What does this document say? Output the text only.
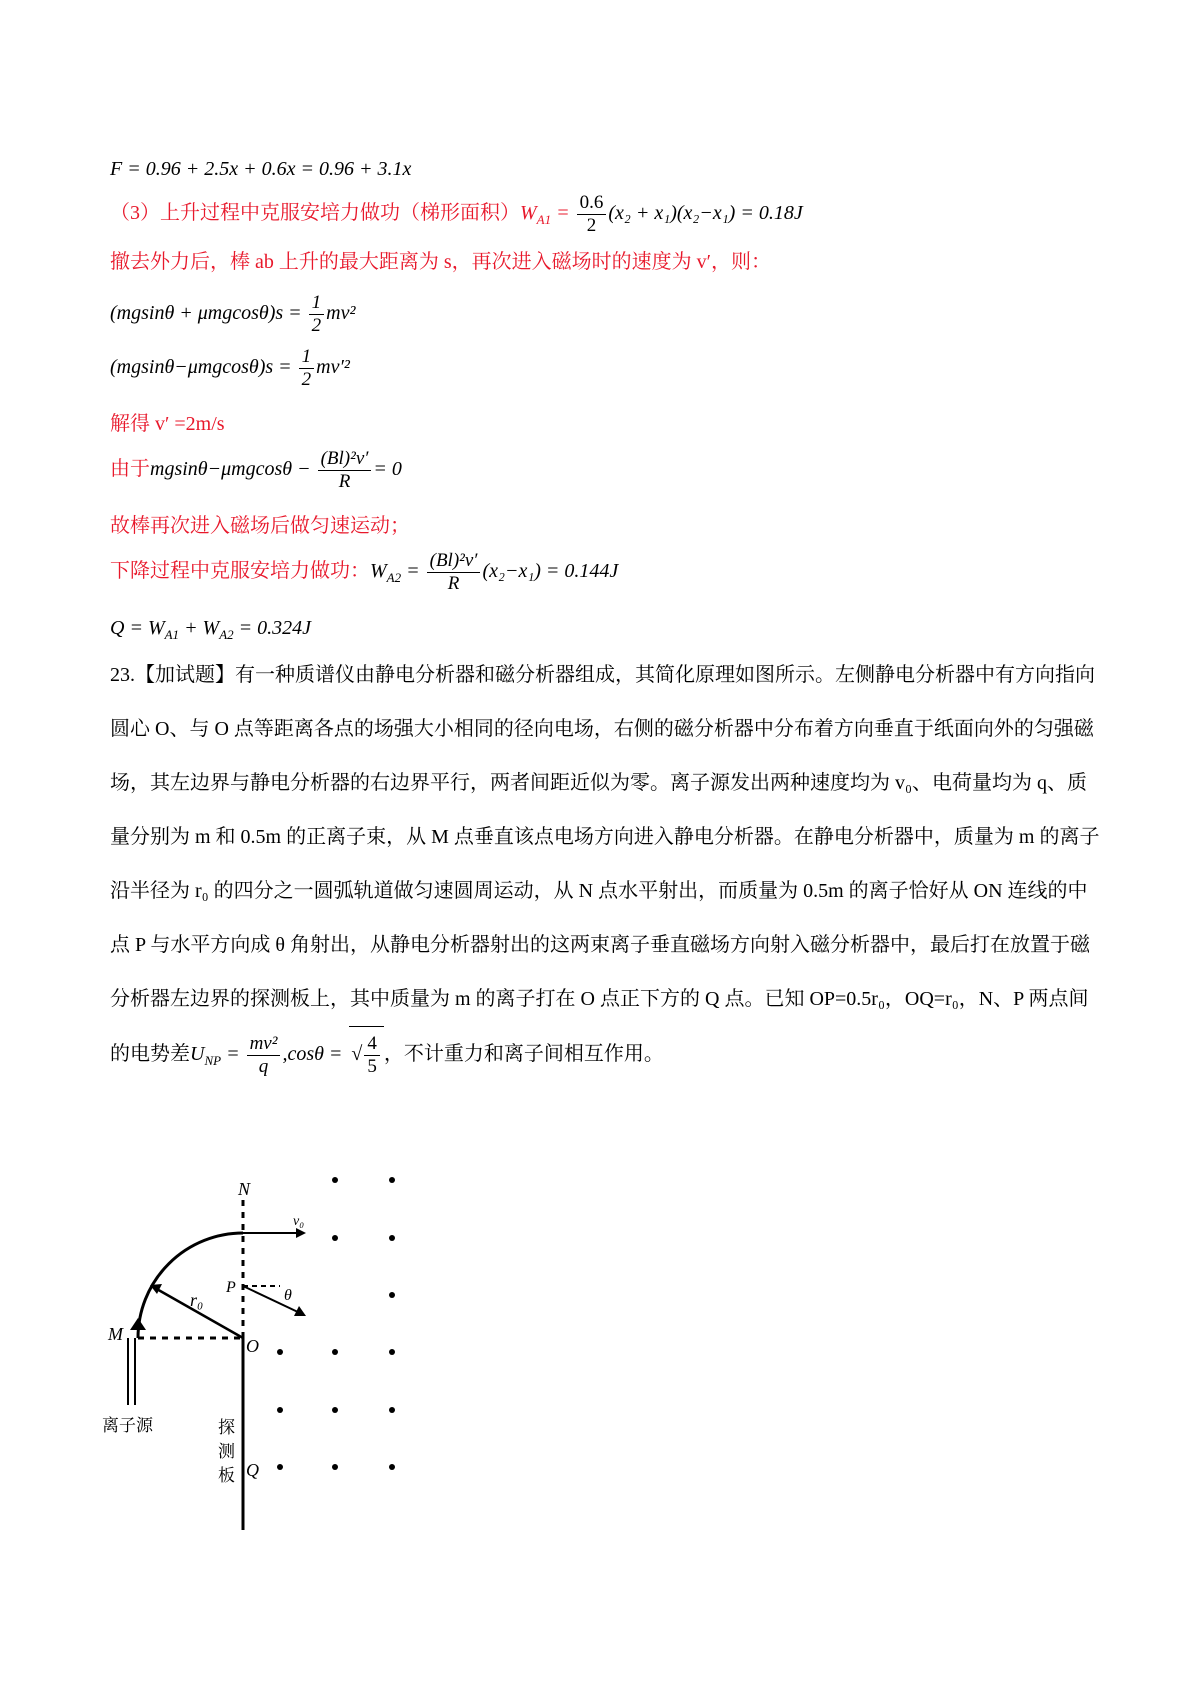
F = 0.96 + 2.5x + 0.6x = 0.96 + 3.1x
（3）上升过程中克服安培力做功（梯形面积）$W_{A1} = \frac{0.6}{2} (x_2 + x_1)(x_2-x_1) = 0.18J$
撤去外力后，棒 ab 上升的最大距离为 s，再次进入磁场时的速度为 v′，则：
$(mgsin\theta + \mu mgcos\theta)s = \frac{1}{2} mv^2$
$(mgsin\theta-\mu mgcos\theta)s = \frac{1}{2} mv'^2$
解得 v′ =2m/s
由于$mgsin\theta-\mu mgcos\theta - \frac{\text{(Bl)²v′}}{R} = 0$
故棒再次进入磁场后做匀速运动；
下降过程中克服安培力做功：$W_{A2} = \frac{\text{(Bl)²v′}}{R} (x_2-x_1) = 0.144J$
$Q = W_{A1} + W_{A2} = 0.324J$
23.【加试题】有一种质谱仪由静电分析器和磁分析器组成，其简化原理如图所示。左侧静电分析器中有方向指向圆心 O、与 O 点等距离各点的场强大小相同的径向电场，右侧的磁分析器中分布着方向垂直于纸面向外的匀强磁场，其左边界与静电分析器的右边界平行，两者间距近似为零。离子源发出两种速度均为 v₀、电荷量均为 q、质量分别为 m 和 0.5m 的正离子束，从 M 点垂直该点电场方向进入静电分析器。在静电分析器中，质量为 m 的离子沿半径为 r₀ 的四分之一圆弧轨道做匀速圆周运动，从 N 点水平射出，而质量为 0.5m 的离子恰好从 ON 连线的中点 P 与水平方向成 θ 角射出，从静电分析器射出的这两束离子垂直磁场方向射入磁分析器中，最后打在放置于磁分析器左边界的探测板上，其中质量为 m 的离子打在 O 点正下方的 Q 点。已知 OP=0.5r₀，OQ=r₀，N、P 两点间的电势差$U_{NP} = \frac{\text{mv²}}{q} ,\cos\theta$ = √ $\frac{4}{5}$ ，不计重力和离子间相互作用。
N
v₀
P	θ
r₀
M
O
Q
离子源	探
测
板
